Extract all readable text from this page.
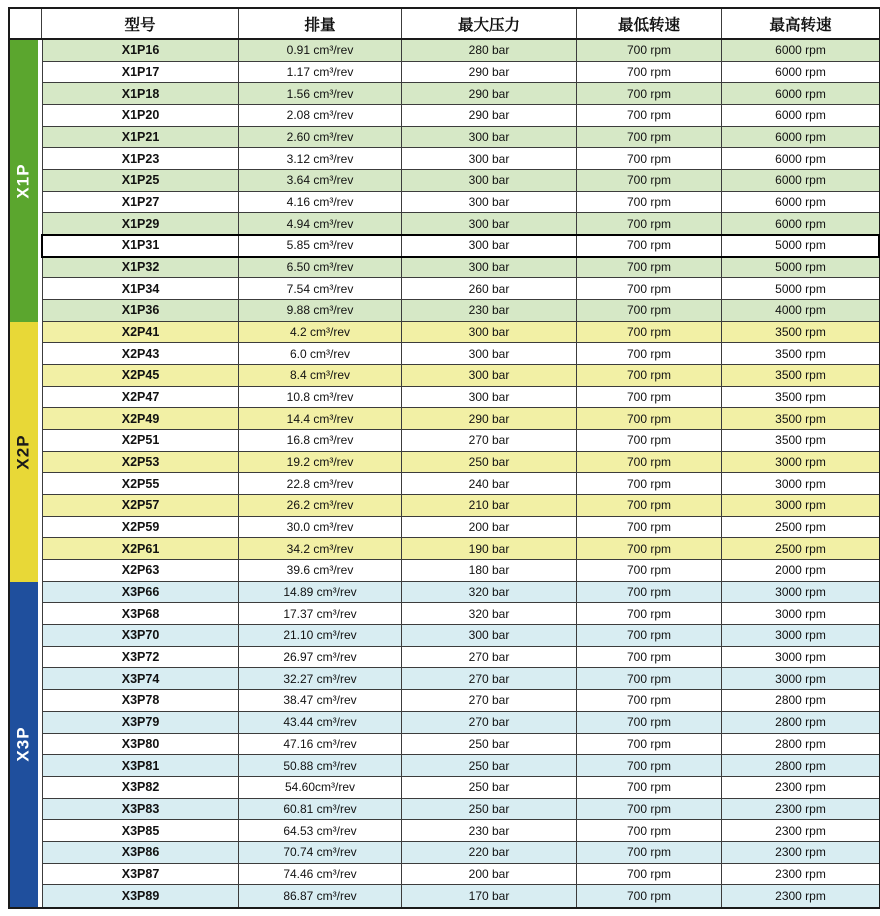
型号	排量	最大压力	最低转速	最高转速
X1P
X1P16	0.91 cm³/rev	280 bar	700 rpm	6000 rpm
X1P17	1.17 cm³/rev	290 bar	700 rpm	6000 rpm
X1P18	1.56 cm³/rev	290 bar	700 rpm	6000 rpm
X1P20	2.08 cm³/rev	290 bar	700 rpm	6000 rpm
X1P21	2.60 cm³/rev	300 bar	700 rpm	6000 rpm
X1P23	3.12 cm³/rev	300 bar	700 rpm	6000 rpm
X1P25	3.64 cm³/rev	300 bar	700 rpm	6000 rpm
X1P27	4.16 cm³/rev	300 bar	700 rpm	6000 rpm
X1P29	4.94 cm³/rev	300 bar	700 rpm	6000 rpm
X1P31	5.85 cm³/rev	300 bar	700 rpm	5000 rpm
X1P32	6.50 cm³/rev	300 bar	700 rpm	5000 rpm
X1P34	7.54 cm³/rev	260 bar	700 rpm	5000 rpm
X1P36	9.88 cm³/rev	230 bar	700 rpm	4000 rpm
X2P
X2P41	4.2 cm³/rev	300 bar	700 rpm	3500 rpm
X2P43	6.0 cm³/rev	300 bar	700 rpm	3500 rpm
X2P45	8.4 cm³/rev	300 bar	700 rpm	3500 rpm
X2P47	10.8 cm³/rev	300 bar	700 rpm	3500 rpm
X2P49	14.4 cm³/rev	290 bar	700 rpm	3500 rpm
X2P51	16.8 cm³/rev	270 bar	700 rpm	3500 rpm
X2P53	19.2 cm³/rev	250 bar	700 rpm	3000 rpm
X2P55	22.8 cm³/rev	240 bar	700 rpm	3000 rpm
X2P57	26.2 cm³/rev	210 bar	700 rpm	3000 rpm
X2P59	30.0 cm³/rev	200 bar	700 rpm	2500 rpm
X2P61	34.2 cm³/rev	190 bar	700 rpm	2500 rpm
X2P63	39.6 cm³/rev	180 bar	700 rpm	2000 rpm
X3P
X3P66	14.89 cm³/rev	320 bar	700 rpm	3000 rpm
X3P68	17.37 cm³/rev	320 bar	700 rpm	3000 rpm
X3P70	21.10 cm³/rev	300 bar	700 rpm	3000 rpm
X3P72	26.97 cm³/rev	270 bar	700 rpm	3000 rpm
X3P74	32.27 cm³/rev	270 bar	700 rpm	3000 rpm
X3P78	38.47 cm³/rev	270 bar	700 rpm	2800 rpm
X3P79	43.44 cm³/rev	270 bar	700 rpm	2800 rpm
X3P80	47.16 cm³/rev	250 bar	700 rpm	2800 rpm
X3P81	50.88 cm³/rev	250 bar	700 rpm	2800 rpm
X3P82	54.60cm³/rev	250 bar	700 rpm	2300 rpm
X3P83	60.81 cm³/rev	250 bar	700 rpm	2300 rpm
X3P85	64.53 cm³/rev	230 bar	700 rpm	2300 rpm
X3P86	70.74 cm³/rev	220 bar	700 rpm	2300 rpm
X3P87	74.46 cm³/rev	200 bar	700 rpm	2300 rpm
X3P89	86.87 cm³/rev	170 bar	700 rpm	2300 rpm
